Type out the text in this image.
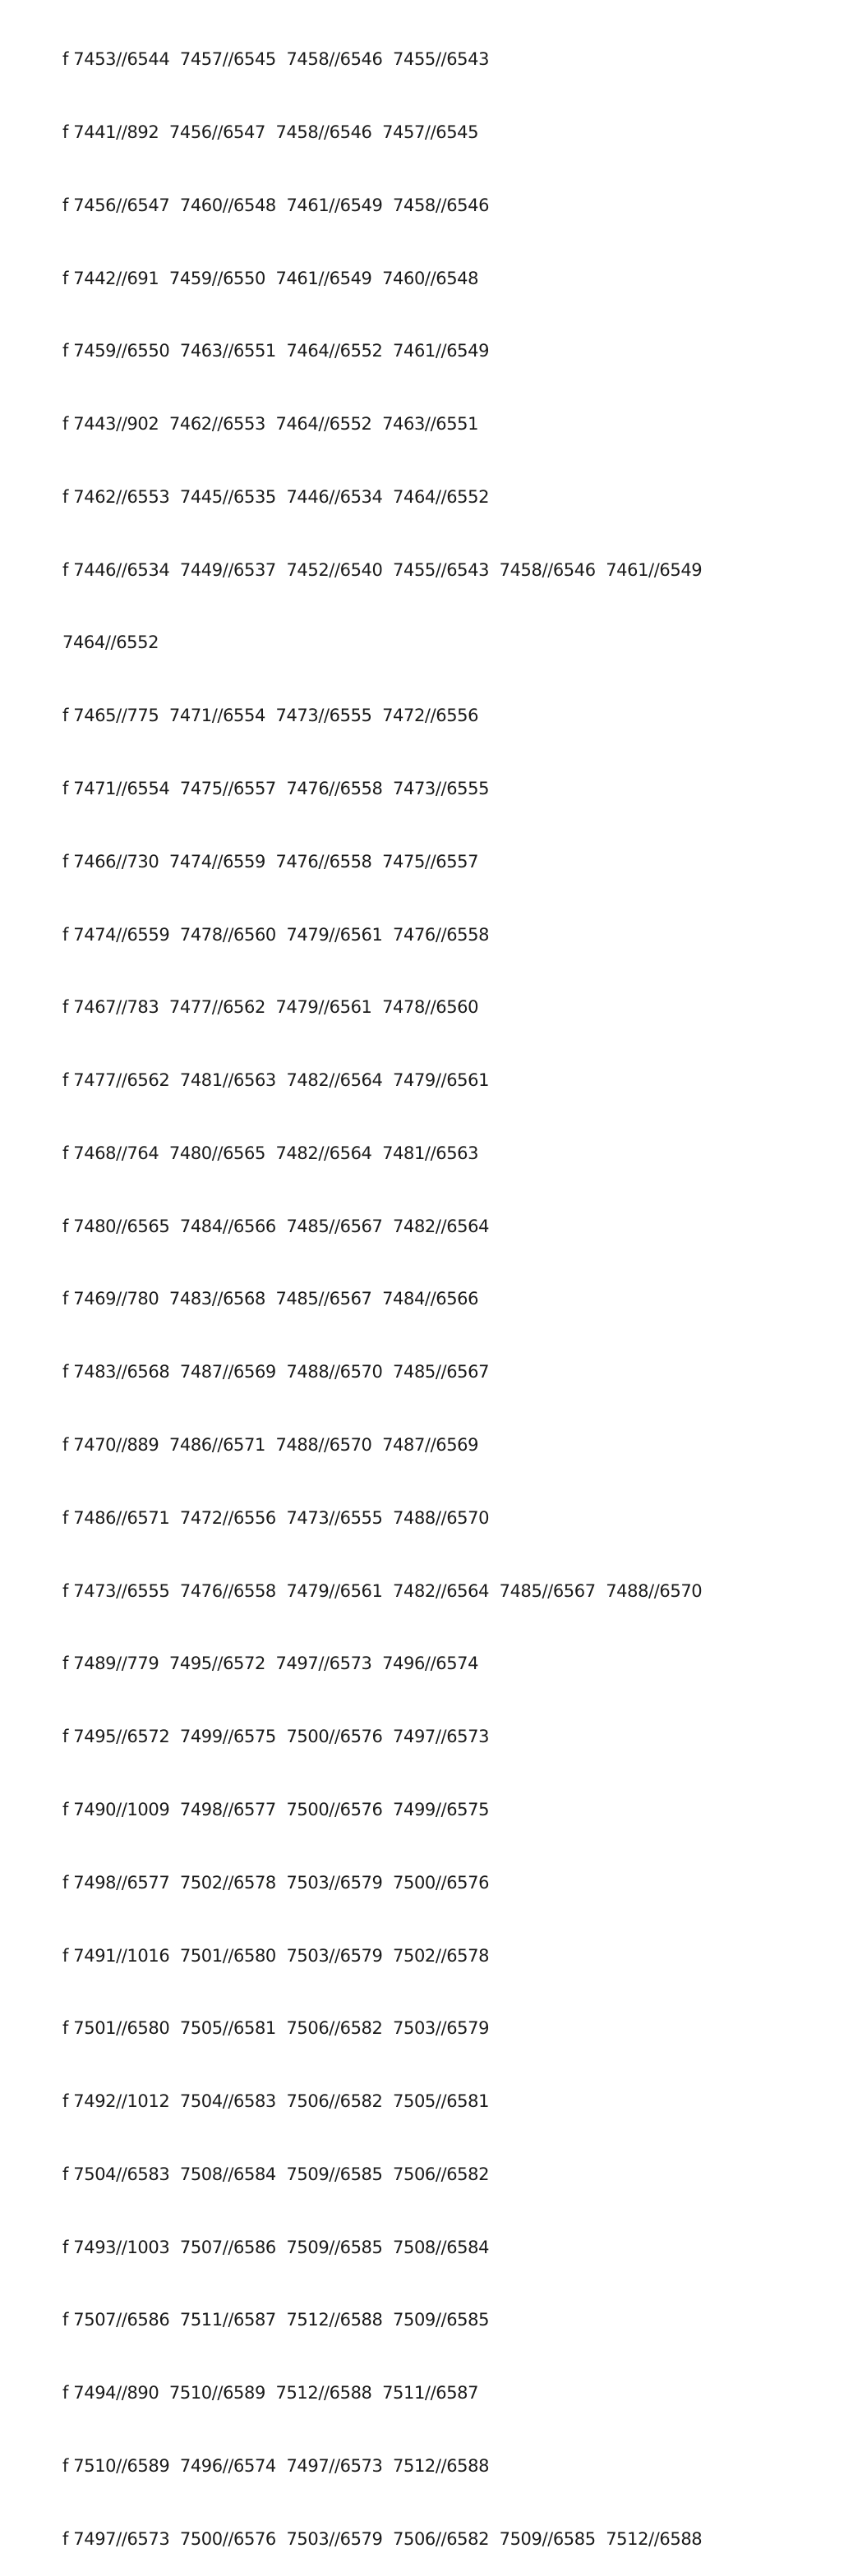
f 7453//6544  7457//6545  7458//6546  7455//6543

f 7441//892  7456//6547  7458//6546  7457//6545

f 7456//6547  7460//6548  7461//6549  7458//6546

f 7442//691  7459//6550  7461//6549  7460//6548

f 7459//6550  7463//6551  7464//6552  7461//6549

f 7443//902  7462//6553  7464//6552  7463//6551

f 7462//6553  7445//6535  7446//6534  7464//6552

f 7446//6534  7449//6537  7452//6540  7455//6543  7458//6546  7461//6549

7464//6552

f 7465//775  7471//6554  7473//6555  7472//6556

f 7471//6554  7475//6557  7476//6558  7473//6555

f 7466//730  7474//6559  7476//6558  7475//6557

f 7474//6559  7478//6560  7479//6561  7476//6558

f 7467//783  7477//6562  7479//6561  7478//6560

f 7477//6562  7481//6563  7482//6564  7479//6561

f 7468//764  7480//6565  7482//6564  7481//6563

f 7480//6565  7484//6566  7485//6567  7482//6564

f 7469//780  7483//6568  7485//6567  7484//6566

f 7483//6568  7487//6569  7488//6570  7485//6567

f 7470//889  7486//6571  7488//6570  7487//6569

f 7486//6571  7472//6556  7473//6555  7488//6570

f 7473//6555  7476//6558  7479//6561  7482//6564  7485//6567  7488//6570

f 7489//779  7495//6572  7497//6573  7496//6574

f 7495//6572  7499//6575  7500//6576  7497//6573

f 7490//1009  7498//6577  7500//6576  7499//6575

f 7498//6577  7502//6578  7503//6579  7500//6576

f 7491//1016  7501//6580  7503//6579  7502//6578

f 7501//6580  7505//6581  7506//6582  7503//6579

f 7492//1012  7504//6583  7506//6582  7505//6581

f 7504//6583  7508//6584  7509//6585  7506//6582

f 7493//1003  7507//6586  7509//6585  7508//6584

f 7507//6586  7511//6587  7512//6588  7509//6585

f 7494//890  7510//6589  7512//6588  7511//6587

f 7510//6589  7496//6574  7497//6573  7512//6588

f 7497//6573  7500//6576  7503//6579  7506//6582  7509//6585  7512//6588
